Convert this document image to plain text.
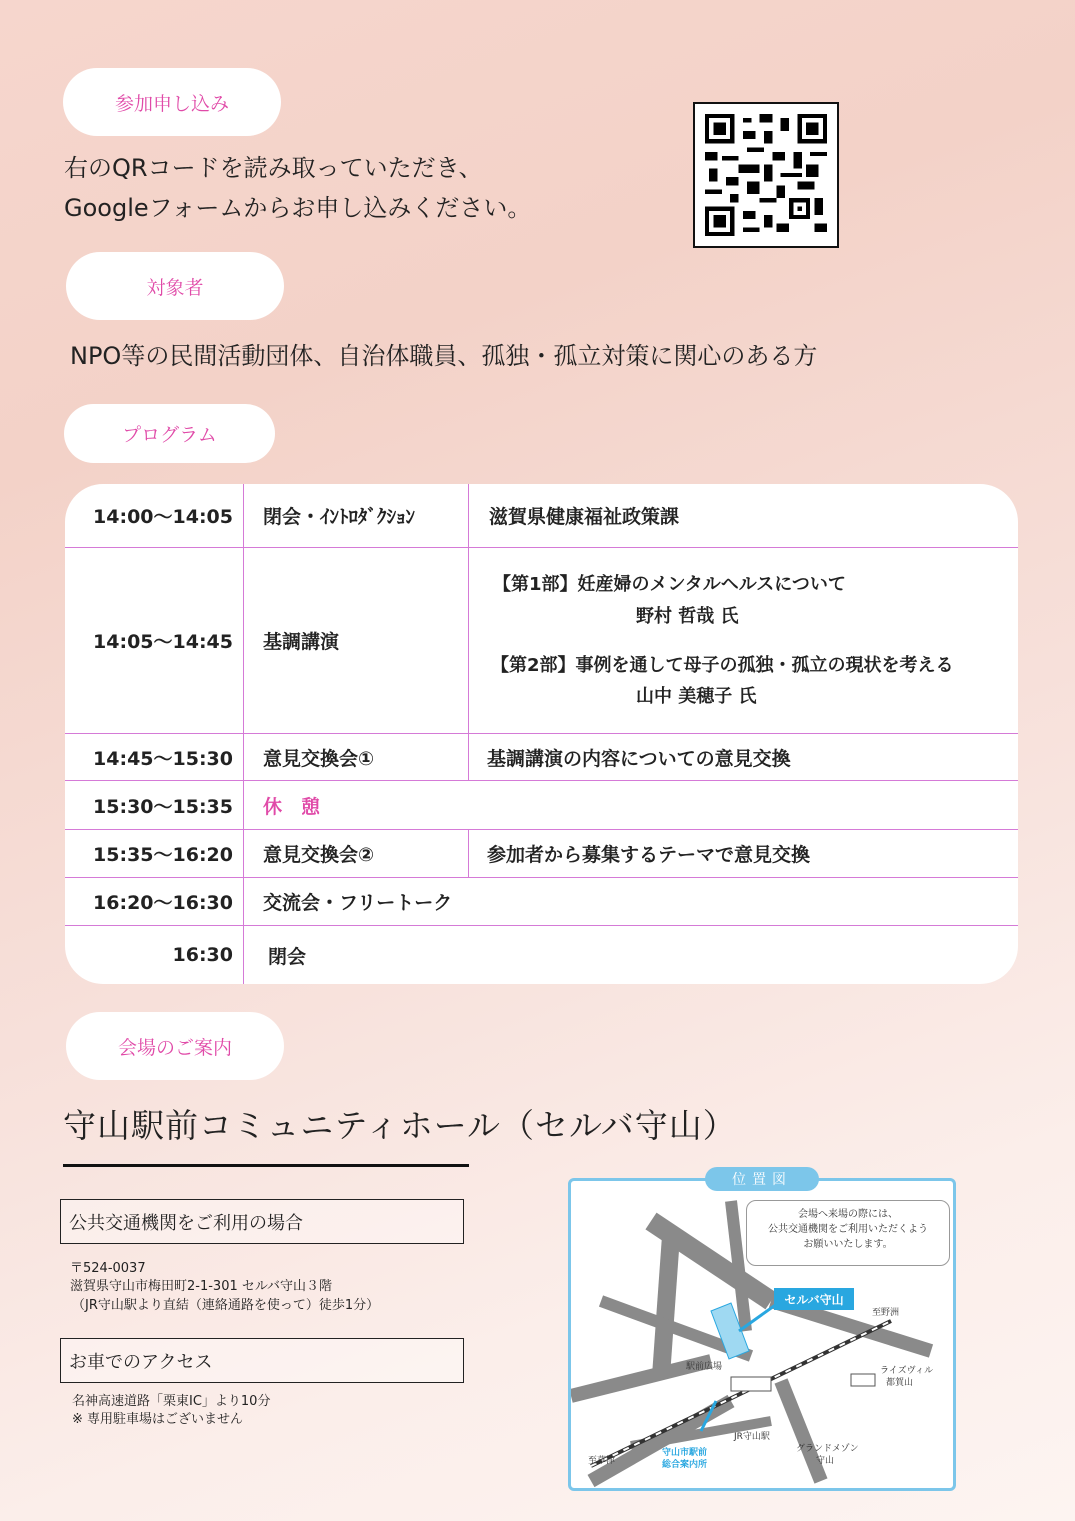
参加申し込み

右のQRコードを読み取っていただき、

Googleフォームからお申し込みください。

対象者

NPO等の民間活動団体、自治体職員、孤独・孤立対策に関心のある方

プログラム
14:00〜14:05	閉会・ｲﾝﾄﾛﾀﾞｸｼｮﾝ	滋賀県健康福祉政策課
14:05〜14:45	基調講演
【第1部】妊産婦のメンタルヘルスについて
野村 哲哉 氏
【第2部】事例を通して母子の孤独・孤立の現状を考える
山中 美穂子 氏
14:45〜15:30	意見交換会①	基調講演の内容についての意見交換
15:30〜15:35	休　憩
15:35〜16:20	意見交換会②	参加者から募集するテーマで意見交換
16:20〜16:30	交流会・フリートーク
16:30	閉会
会場のご案内

守山駅前コミュニティホール（セルバ守山）

公共交通機関をご利用の場合

〒524-0037

滋賀県守山市梅田町2-1-301 セルバ守山３階

（JR守山駅より直結（連絡通路を使って）徒歩1分）

お車でのアクセス

名神高速道路「栗東IC」より10分

※ 専用駐車場はございません

位置図
会場へ来場の際には、
公共交通機関をご利用いただくよう
お願いいたします。
セルバ守山

至野洲

ライズヴィル

都賀山

駅前広場

JR守山駅

至草津

守山市駅前

総合案内所

グランドメゾン

守山
